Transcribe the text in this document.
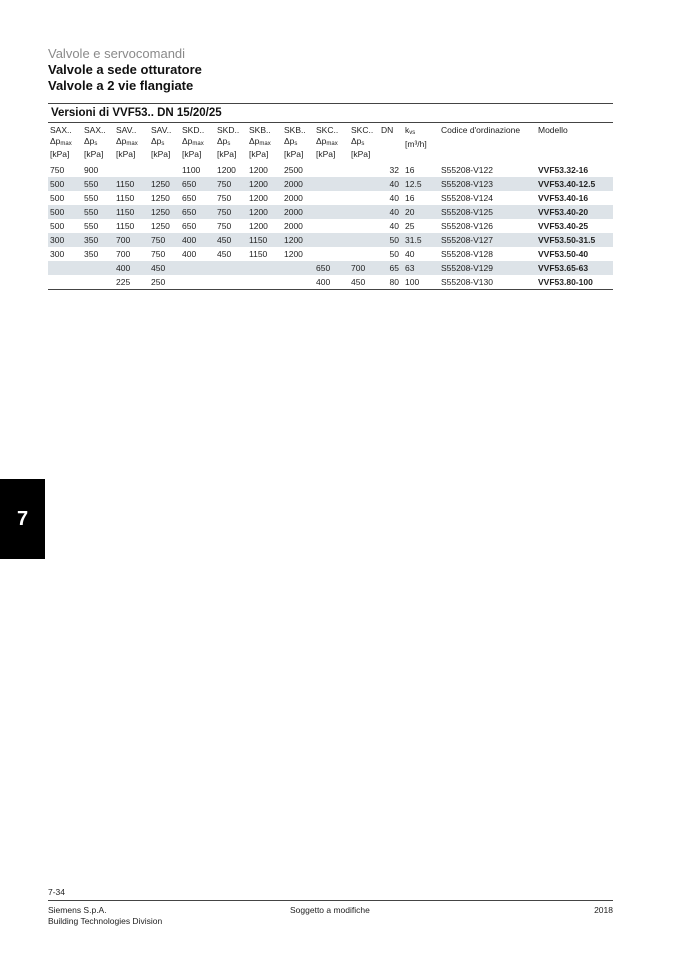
Valvole e servocomandi
Valvole a sede otturatore
Valvole a 2 vie flangiate
Versioni di VVF53.. DN 15/20/25
SAX..
$\Delta p_{max}$
[kPa]	SAX..
$\Delta p_s$
[kPa]	SAV..
$\Delta p_{max}$
[kPa]	SAV..
$\Delta p_s$
[kPa]	SKD..
$\Delta p_{max}$
[kPa]	SKD..
$\Delta p_s$
[kPa]	SKB..
$\Delta p_{max}$
[kPa]	SKB..
$\Delta p_s$
[kPa]	SKC..
$\Delta p_{max}$
[kPa]	SKC..
$\Delta p_s$
[kPa]	DN	$k_{vs}$
[m³/h]	Codice d'ordinazione	Modello
750	900			1100	1200	1200	2500			32	16	S55208-V122	VVF53.32-16
500	550	1150	1250	650	750	1200	2000			40	12.5	S55208-V123	VVF53.40-12.5
500	550	1150	1250	650	750	1200	2000			40	16	S55208-V124	VVF53.40-16
500	550	1150	1250	650	750	1200	2000			40	20	S55208-V125	VVF53.40-20
500	550	1150	1250	650	750	1200	2000			40	25	S55208-V126	VVF53.40-25
300	350	700	750	400	450	1150	1200			50	31.5	S55208-V127	VVF53.50-31.5
300	350	700	750	400	450	1150	1200			50	40	S55208-V128	VVF53.50-40
		400	450					650	700	65	63	S55208-V129	VVF53.65-63
		225	250					400	450	80	100	S55208-V130	VVF53.80-100
7
7-34
Siemens S.p.A.
Building Technologies Division
Soggetto a modifiche	2018
